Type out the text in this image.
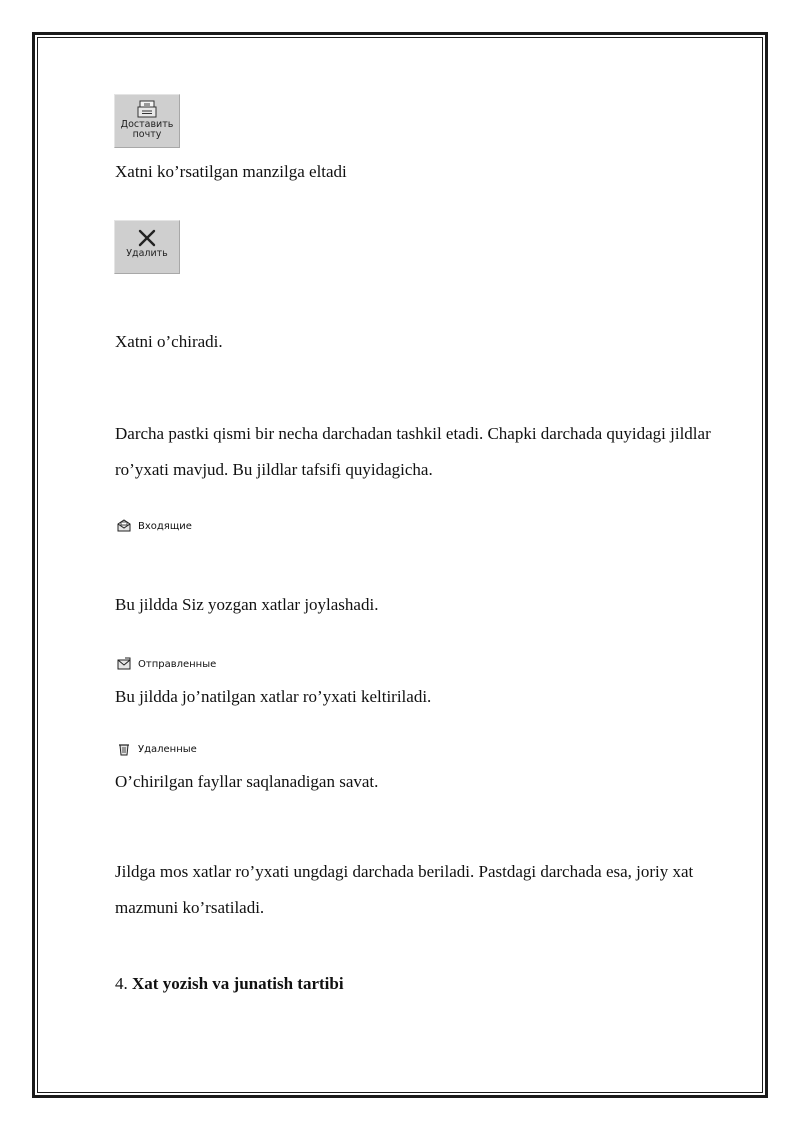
Доставить
почту

Xatni ko’rsatilgan manzilga eltadi

Удалить

Xatni o’chiradi.

Darcha pastki qismi bir necha darchadan tashkil etadi. Chapki darchada quyidagi jildlar ro’yxati mavjud. Bu jildlar tafsifi quyidagicha.

Входящие

Bu jildda Siz yozgan xatlar joylashadi.

Отправленные

Bu jildda jo’natilgan xatlar ro’yxati keltiriladi.

Удаленные

O’chirilgan fayllar saqlanadigan savat.

Jildga mos xatlar ro’yxati ungdagi darchada beriladi. Pastdagi darchada esa, joriy xat mazmuni ko’rsatiladi.

4. Xat yozish va junatish tartibi
